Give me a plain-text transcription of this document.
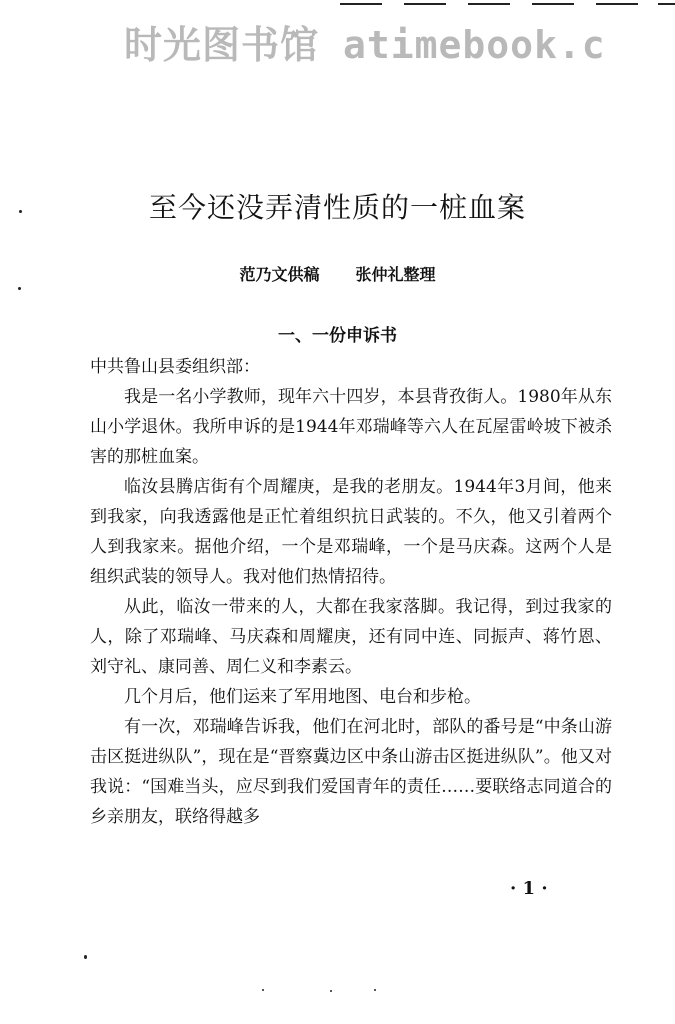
时光图书馆 atimebook.c
至今还没弄清性质的一桩血案
范乃文供稿 张仲礼整理
一、一份申诉书

中共鲁山县委组织部：

我是一名小学教师，现年六十四岁，本县背孜街人。1980年从东山小学退休。我所申诉的是1944年邓瑞峰等六人在瓦屋雷岭坡下被杀害的那桩血案。

临汝县腾店街有个周耀庚，是我的老朋友。1944年3月间，他来到我家，向我透露他是正忙着组织抗日武装的。不久，他又引着两个人到我家来。据他介绍，一个是邓瑞峰，一个是马庆森。这两个人是组织武装的领导人。我对他们热情招待。

从此，临汝一带来的人，大都在我家落脚。我记得，到过我家的人，除了邓瑞峰、马庆森和周耀庚，还有同中连、同振声、蒋竹恩、刘守礼、康同善、周仁义和李素云。

几个月后，他们运来了军用地图、电台和步枪。

有一次，邓瑞峰告诉我，他们在河北时，部队的番号是“中条山游击区挺进纵队”，现在是“晋察冀边区中条山游击区挺进纵队”。他又对我说：“国难当头，应尽到我们爱国青年的责任……要联络志同道合的乡亲朋友，联络得越多

· 1 ·
